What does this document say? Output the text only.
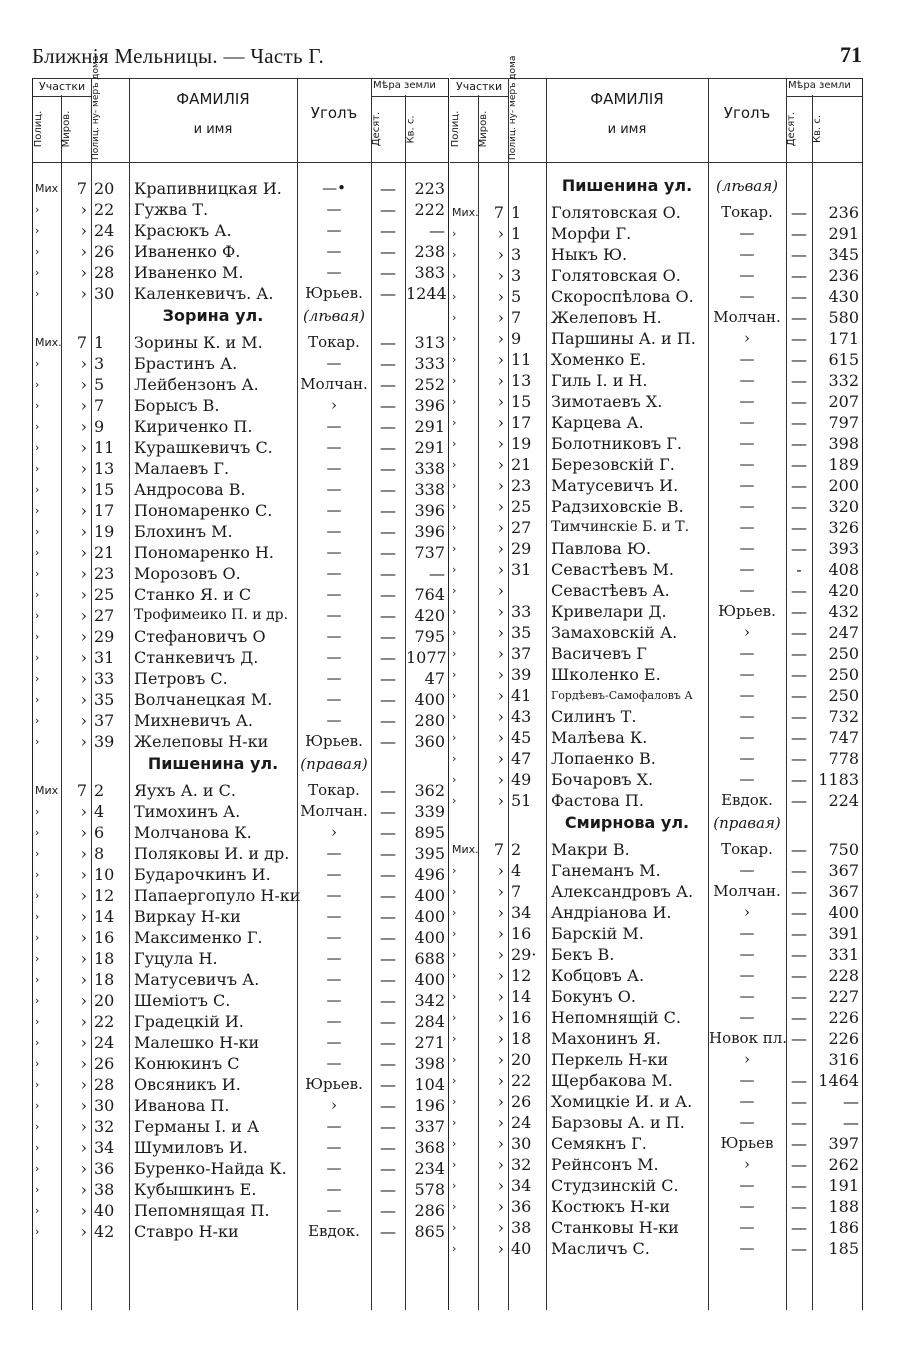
Ближнія Мельницы. — Часть Г.	71
Участки	Мѣра земли
Полиц.	Миров.	Полиц. ну- меръ дома	Десят.	Кв. с.
ФАМИЛІЯ
и имя
Уголъ
Мих	7 20	Крапивницкая И.	—•	—	223
›	› 22	Гужва Т.	—	—	222
›	› 24	Красюкъ А.	—	—	—
›	› 26	Иваненко Ф.	—	—	238
›	› 28	Иваненко М.	—	—	383
›	› 30	Каленкевичъ. А.	Юрьев.	— 1244
Зорина ул.	(лѣвая)
Мих. 7 1	Зорины К. и М.	Токар.	—	313
›	› 3	Брастинъ А.	—	—	333
›	› 5	Лейбензонъ А.	Молчан. —	252
›	› 7	Борысъ В.	›	—	396
›	› 9	Кириченко П.	—	—	291
›	› 11	Курашкевичъ С.	—	—	291
›	› 13	Малаевъ Г.	—	—	338
›	› 15	Андросова В.	—	—	338
›	› 17	Пономаренко С.	—	—	396
›	› 19	Блохинъ М.	—	—	396
›	› 21	Пономаренко Н.	—	—	737
›	› 23	Морозовъ О.	—	—	—
›	› 25	Станко Я. и С	—	—	764
›	› 27	Трофимеико П. и др.	—	—	420
›	› 29	Стефановичъ О	—	—	795
›	› 31	Станкевичъ Д.	—	— 1077
›	› 33	Петровъ С.	—	—	47
›	› 35	Волчанецкая М.	—	—	400
›	› 37	Михневичъ А.	—	—	280
›	› 39	Желеповы Н-ки	Юрьев.	—	360
Пишенина ул.	(правая)
Мих	7 2	Яухъ А. и С.	Токар.	—	362
›	› 4	Тимохинъ А.	Молчан. —	339
›	› 6	Молчанова К.	›	—	895
›	› 8	Поляковы И. и др.	—	—	395
›	› 10	Бударочкинъ И.	—	—	496
›	› 12	Папаергопуло Н-ки	—	—	400
›	› 14	Виркау Н-ки	—	—	400
›	› 16	Максименко Г.	—	—	400
›	› 18	Гуцула Н.	—	—	688
›	› 18	Матусевичъ А.	—	—	400
›	› 20	Шеміотъ С.	—	—	342
›	› 22	Градецкій И.	—	—	284
›	› 24	Малешко Н-ки	—	—	271
›	› 26	Конюкинъ С	—	—	398
›	› 28	Овсяникъ И.	Юрьев.	—	104
›	› 30	Иванова П.	›	—	196
›	› 32	Германы І. и А	—	—	337
›	› 34	Шумиловъ И.	—	—	368
›	› 36	Буренко-Найда К.	—	—	234
›	› 38	Кубышкинъ Е.	—	—	578
›	› 40	Пепомнящая П.	—	—	286
›	› 42	Ставро Н-ки	Евдок.	—	865
Участки	Мѣра земли
Полиц.	Миров.	Полиц. ну- меръ дома	Десят.	Кв. с.
ФАМИЛІЯ
и имя
Уголъ
Пишенина ул.	(лѣвая)
Мих. 7 1	Голятовская О.	Токар.	—	236
›	› 1	Морфи Г.	—	—	291
›	› 3	Ныкъ Ю.	—	—	345
›	› 3	Голятовская О.	—	—	236
›	› 5	Скороспѣлова О.	—	—	430
›	› 7	Желеповъ Н.	Молчан. —	580
›	› 9	Паршины А. и П.	›	—	171
›	› 11	Хоменко Е.	—	—	615
›	› 13	Гиль І. и Н.	—	—	332
›	› 15	Зимотаевъ Х.	—	—	207
›	› 17	Карцева А.	—	—	797
›	› 19	Болотниковъ Г.	—	—	398
›	› 21	Березовскій Г.	—	—	189
›	› 23	Матусевичъ И.	—	—	200
›	› 25	Радзиховскіе В.	—	—	320
›	› 27	Тимчинскіе Б. и Т.	—	—	326
›	› 29	Павлова Ю.	—	—	393
›	› 31	Севастѣевъ М.	—	-	408
›	›	Севастѣевъ А.	—	—	420
›	› 33	Кривелари Д.	Юрьев. —	432
›	› 35	Замаховскій А.	›	—	247
›	› 37	Васичевъ Г	—	—	250
›	› 39	Школенко Е.	—	—	250
›	› 41	Гордѣевъ-Самофаловъ А	—	—	250
›	› 43	Силинъ Т.	—	—	732
›	› 45	Малѣева К.	—	—	747
›	› 47	Лопаенко В.	—	—	778
›	› 49	Бочаровъ Х.	—	— 1183
›	› 51	Фастова П.	Евдок.	—	224
Смирнова ул.	(правая)
Мих. 7 2	Макри В.	Токар.	—	750
›	› 4	Ганеманъ М.	—	—	367
›	› 7	Александровъ А.	Молчан. —	367
›	› 34	Андріанова И.	›	—	400
›	› 16	Барскій М.	—	—	391
›	› 29· Бекъ В.	—	—	331
›	› 12	Кобцовъ А.	—	—	228
›	› 14	Бокунъ О.	—	—	227
›	› 16	Непомнящій С.	—	—	226
›	› 18	Махонинъ Я.	Новок пл. —	226
›	› 20	Перкель Н-ки	›	316
›	› 22	Щербакова М.	—	— 1464
›	› 26	Хомицкіе И. и А.	—	—	—
›	› 24	Барзовы А. и П.	—	—	—
›	› 30	Семякнъ Г.	Юрьев	—	397
›	› 32	Рейнсонъ М.	›	—	262
›	› 34	Студзинскій С.	—	—	191
›	› 36	Костюкъ Н-ки	—	—	188
›	› 38	Станковы Н-ки	—	—	186
›	› 40	Масличъ С.	—	—	185
